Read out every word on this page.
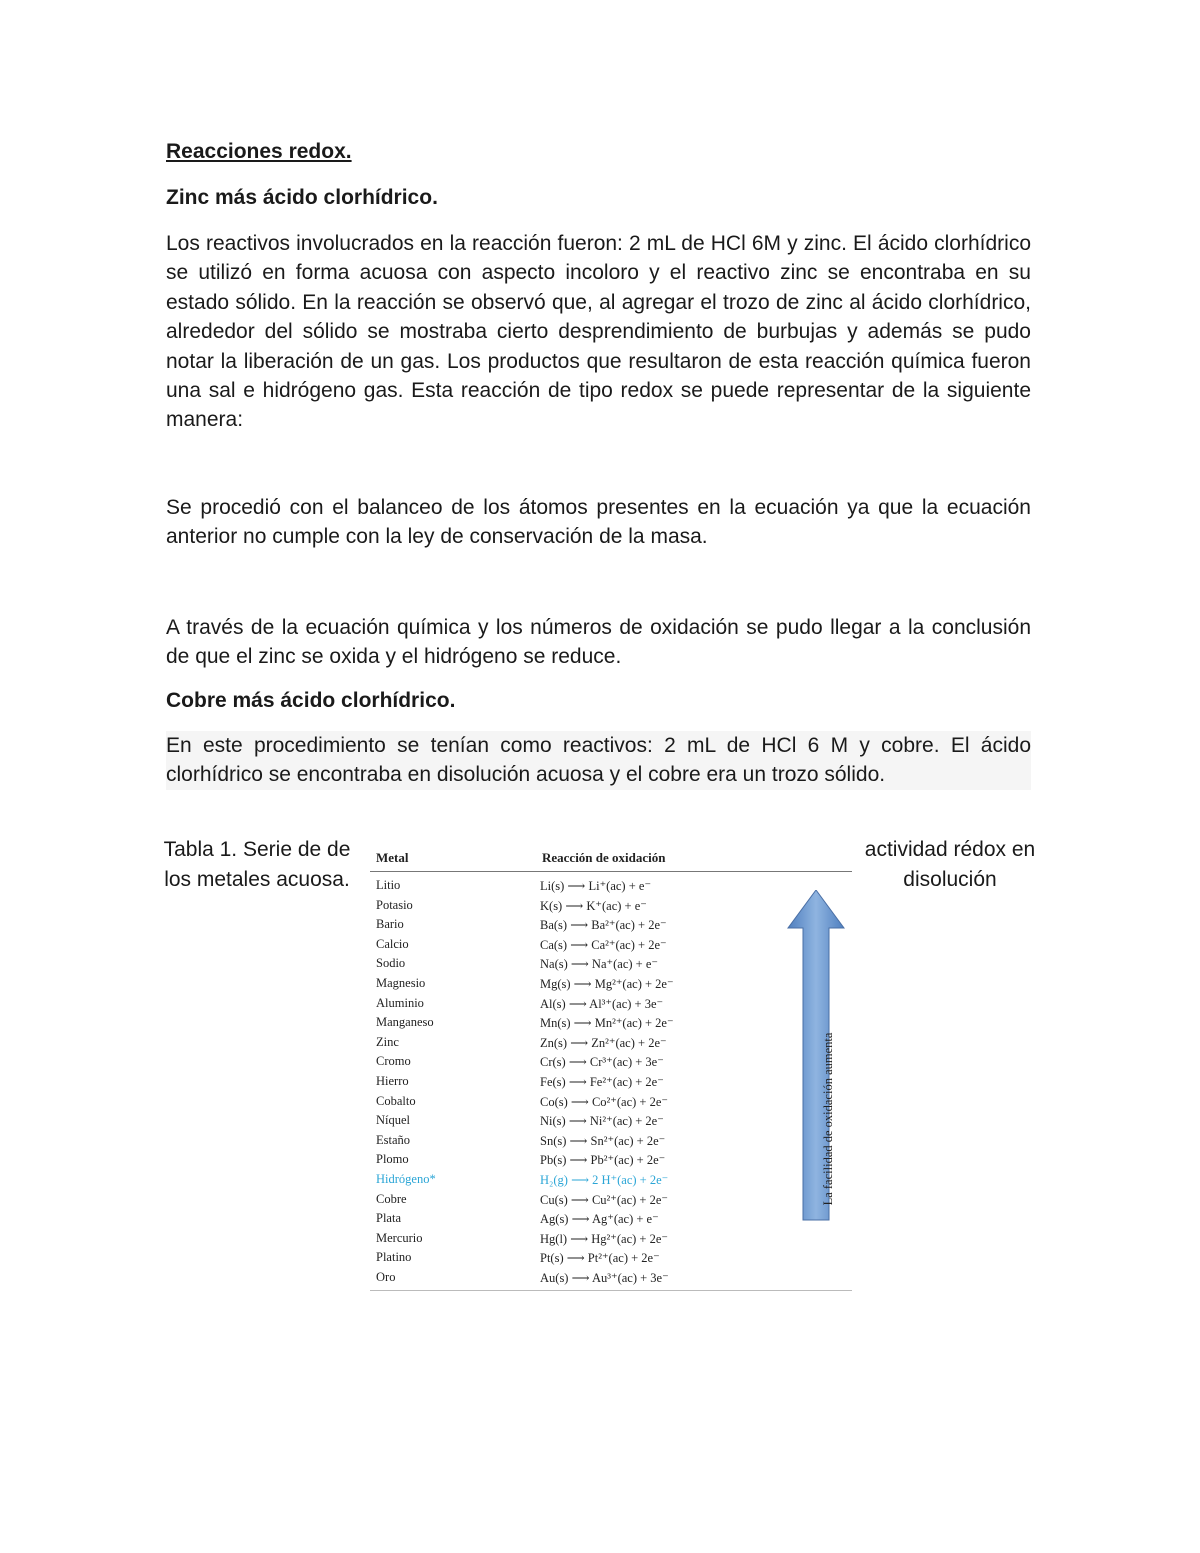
Reacciones redox.
Zinc más ácido clorhídrico.

Los reactivos involucrados en la reacción fueron: 2 mL de HCl 6M y zinc. El ácido clorhídrico se utilizó en forma acuosa con aspecto incoloro y el reactivo zinc se encontraba en su estado sólido. En la reacción se observó que, al agregar el trozo de zinc al ácido clorhídrico, alrededor del sólido se mostraba cierto desprendimiento de burbujas y además se pudo notar la liberación de un gas. Los productos que resultaron de esta reacción química fueron una sal e hidrógeno gas. Esta reacción de tipo redox se puede representar de la siguiente manera:

Se procedió con el balanceo de los átomos presentes en la ecuación ya que la ecuación anterior no cumple con la ley de conservación de la masa.

A través de la ecuación química y los números de oxidación se pudo llegar a la conclusión de que el zinc se oxida y el hidrógeno se reduce.

Cobre más ácido clorhídrico.

En este procedimiento se tenían como reactivos: 2 mL de HCl 6 M y cobre. El ácido clorhídrico se encontraba en disolución acuosa y el cobre era un trozo sólido.

Tabla 1. Serie de de los metales acuosa.
actividad rédox en disolución
Metal	Reacción de oxidación
Litio	Li(s) ⟶ Li⁺(ac) + e⁻
Potasio	K(s) ⟶ K⁺(ac) + e⁻
Bario	Ba(s) ⟶ Ba²⁺(ac) + 2e⁻
Calcio	Ca(s) ⟶ Ca²⁺(ac) + 2e⁻
Sodio	Na(s) ⟶ Na⁺(ac) + e⁻
Magnesio	Mg(s) ⟶ Mg²⁺(ac) + 2e⁻
Aluminio	Al(s) ⟶ Al³⁺(ac) + 3e⁻
Manganeso	Mn(s) ⟶ Mn²⁺(ac) + 2e⁻
Zinc	Zn(s) ⟶ Zn²⁺(ac) + 2e⁻
Cromo	Cr(s) ⟶ Cr³⁺(ac) + 3e⁻
Hierro	Fe(s) ⟶ Fe²⁺(ac) + 2e⁻
Cobalto	Co(s) ⟶ Co²⁺(ac) + 2e⁻
Níquel	Ni(s) ⟶ Ni²⁺(ac) + 2e⁻
Estaño	Sn(s) ⟶ Sn²⁺(ac) + 2e⁻
Plomo	Pb(s) ⟶ Pb²⁺(ac) + 2e⁻
Hidrógeno*	H₂(g) ⟶ 2 H⁺(ac) + 2e⁻
Cobre	Cu(s) ⟶ Cu²⁺(ac) + 2e⁻
Plata	Ag(s) ⟶ Ag⁺(ac) + e⁻
Mercurio	Hg(l) ⟶ Hg²⁺(ac) + 2e⁻
Platino	Pt(s) ⟶ Pt²⁺(ac) + 2e⁻
Oro	Au(s) ⟶ Au³⁺(ac) + 3e⁻
La facilidad de oxidación aumenta
